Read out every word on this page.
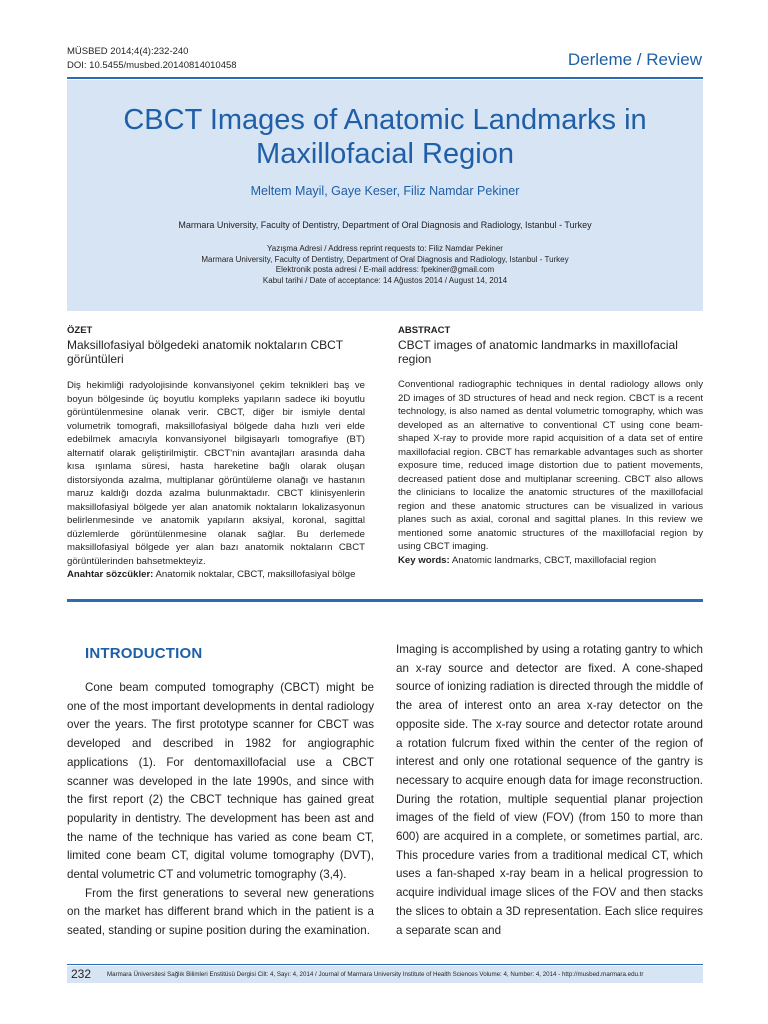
MÜSBED 2014;4(4):232-240
DOI: 10.5455/musbed.20140814010458	Derleme / Review
CBCT Images of Anatomic Landmarks in
Maxillofacial Region
Meltem Mayil, Gaye Keser, Filiz Namdar Pekiner
Marmara University, Faculty of Dentistry, Department of Oral Diagnosis and Radiology, Istanbul - Turkey
Yazışma Adresi / Address reprint requests to: Filiz Namdar Pekiner
Marmara University, Faculty of Dentistry, Department of Oral Diagnosis and Radiology, Istanbul - Turkey
Elektronik posta adresi / E-mail address: fpekiner@gmail.com
Kabul tarihi / Date of acceptance: 14 Ağustos 2014 / August 14, 2014
ÖZET
Maksillofasiyal bölgedeki anatomik noktaların CBCT görüntüleri
Diş hekimliği radyolojisinde konvansiyonel çekim teknikleri baş ve boyun bölgesinde üç boyutlu kompleks yapıların sadece iki boyutlu görüntülenmesine olanak verir. CBCT, diğer bir ismiyle dental volumetrik tomografi, maksillofasiyal bölgede daha hızlı veri elde edebilmek amacıyla konvansiyonel bilgisayarlı tomografiye (BT) alternatif olarak geliştirilmiştir. CBCT'nin avantajları arasında daha kısa ışınlama süresi, hasta hareketine bağlı olarak oluşan distorsiyonda azalma, multiplanar görüntüleme olanağı ve hastanın maruz kaldığı dozda azalma bulunmaktadır. CBCT klinisyenlerin maksillofasiyal bölgede yer alan anatomik noktaların lokalizasyonun belirlenmesinde ve anatomik yapıların aksiyal, koronal, sagittal düzlemlerde görüntülenmesine olanak sağlar. Bu derlemede maksillofasiyal bölgede yer alan bazı anatomik noktaların CBCT görüntülerinden bahsetmekteyiz.
Anahtar sözcükler: Anatomik noktalar, CBCT, maksillofasiyal bölge
ABSTRACT
CBCT images of anatomic landmarks in maxillofacial region
Conventional radiographic techniques in dental radiology allows only 2D images of 3D structures of head and neck region. CBCT is a recent technology, is also named as dental volumetric tomography, which was developed as an alternative to conventional CT using cone beam-shaped X-ray to provide more rapid acquisition of a data set of entire maxillofacial region. CBCT has remarkable advantages such as shorter exposure time, reduced image distortion due to patient movements, decreased patient dose and multiplanar screening. CBCT also allows the clinicians to localize the anatomic structures of the maxillofacial region and these anatomic structures can be visualized in various planes such as axial, coronal and sagittal planes. In this review we mentioned some anatomic structures of the maxillofacial region by using CBCT imaging.
Key words: Anatomic landmarks, CBCT, maxillofacial region
INTRODUCTION

Cone beam computed tomography (CBCT) might be one of the most important developments in dental radiology over the years. The first prototype scanner for CBCT was developed and described in 1982 for angiographic applications (1). For dentomaxillofacial use a CBCT scanner was developed in the late 1990s, and since with the first report (2) the CBCT technique has gained great popularity in dentistry. The development has been ast and the name of the technique has varied as cone beam CT, limited cone beam CT, digital volume tomography (DVT), dental volumetric CT and volumetric tomography (3,4).

From the first generations to several new generations on the market has different brand which in the patient is a seated, standing or supine position during the examination.

Imaging is accomplished by using a rotating gantry to which an x-ray source and detector are fixed. A cone-shaped source of ionizing radiation is directed through the middle of the area of interest onto an area x-ray detector on the opposite side. The x-ray source and detector rotate around a rotation fulcrum fixed within the center of the region of interest and only one rotational sequence of the gantry is necessary to acquire enough data for image reconstruction. During the rotation, multiple sequential planar projection images of the field of view (FOV) (from 150 to more than 600) are acquired in a complete, or sometimes partial, arc. This procedure varies from a traditional medical CT, which uses a fan-shaped x-ray beam in a helical progression to acquire individual image slices of the FOV and then stacks the slices to obtain a 3D representation. Each slice requires a separate scan and

232	Marmara Üniversitesi Sağlık Bilimleri Enstitüsü Dergisi Cilt: 4, Sayı: 4, 2014 / Journal of Marmara University Institute of Health Sciences Volume: 4, Number: 4, 2014 - http://musbed.marmara.edu.tr
